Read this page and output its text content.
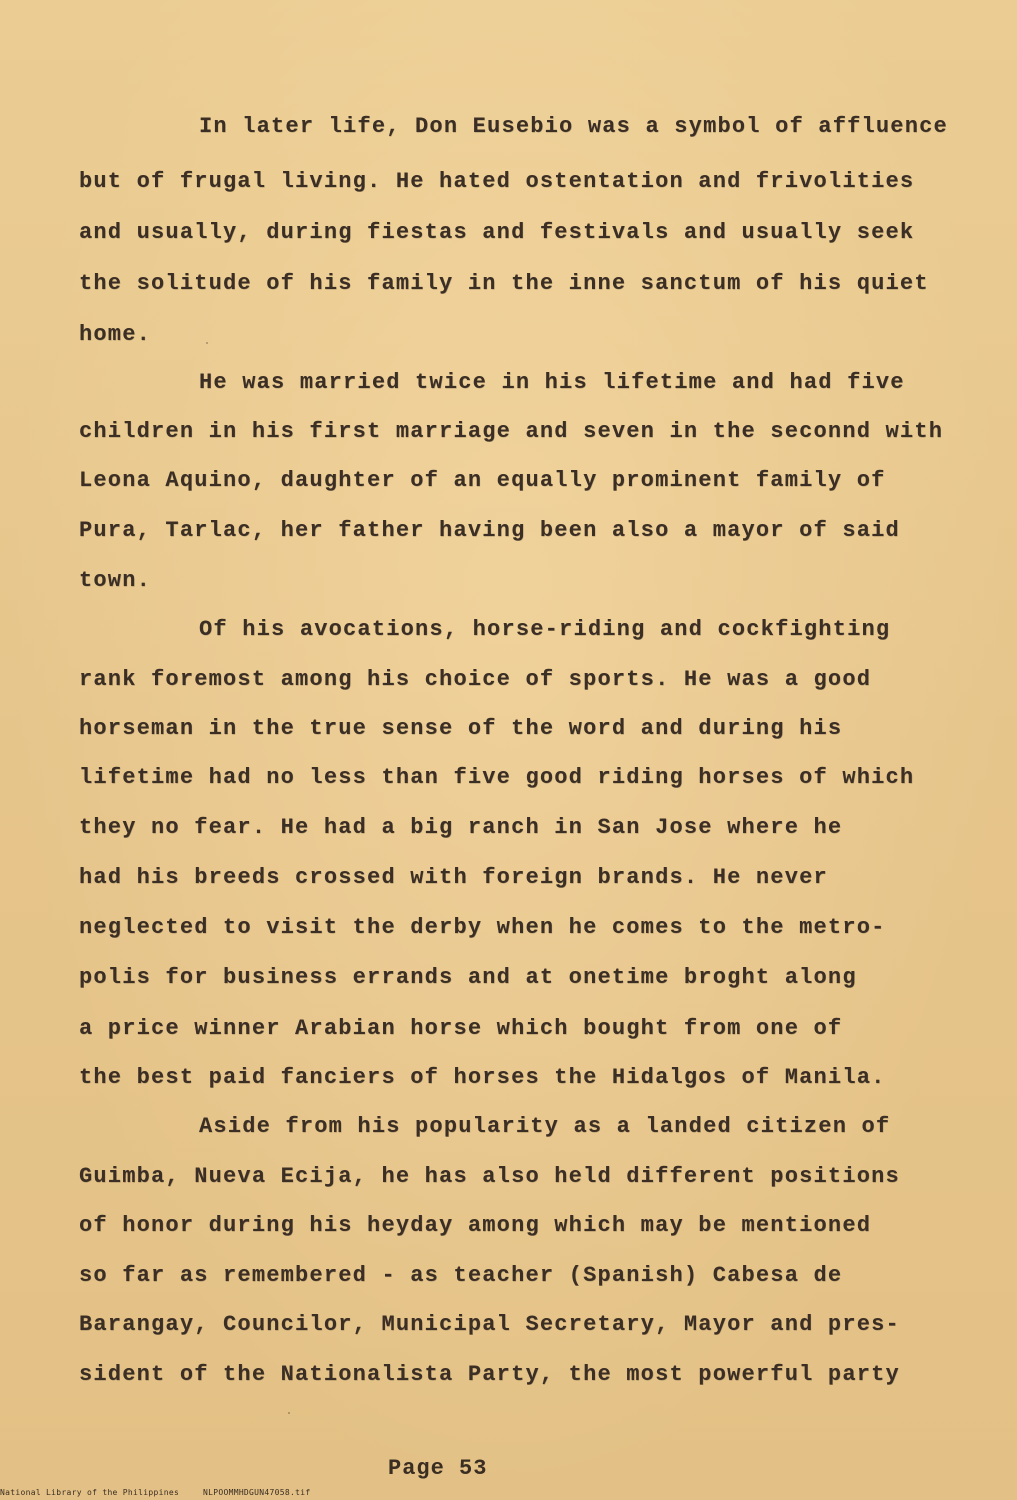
In later life, Don Eusebio was a symbol of affluence
but of frugal living. He hated ostentation and frivolities
and usually, during fiestas and festivals and usually seek
the solitude of his family in the inne sanctum of his quiet
home.
He was married twice in his lifetime and had five
children in his first marriage and seven in the seconnd with
Leona Aquino, daughter of an equally prominent family of
Pura, Tarlac, her father having been also a mayor of said
town.
Of his avocations, horse-riding and cockfighting
rank foremost among his choice of sports. He was a good
horseman in the true sense of the word and during his
lifetime had no less than five good riding horses of which
they no fear. He had a big ranch in San Jose where he
had his breeds crossed with foreign brands. He never
neglected to visit the derby when he comes to the metro-
polis for business errands and at onetime broght along
a price winner Arabian horse which bought from one of
the best paid fanciers of horses the Hidalgos of Manila.
Aside from his popularity as a landed citizen of
Guimba, Nueva Ecija, he has also held different positions
of honor during his heyday among which may be mentioned
so far as remembered - as teacher (Spanish) Cabesa de
Barangay, Councilor, Municipal Secretary, Mayor and pres-
sident of the Nationalista Party, the most powerful party
Page 53
National Library of the Philippines	NLPOOMMHDGUN47058.tif
